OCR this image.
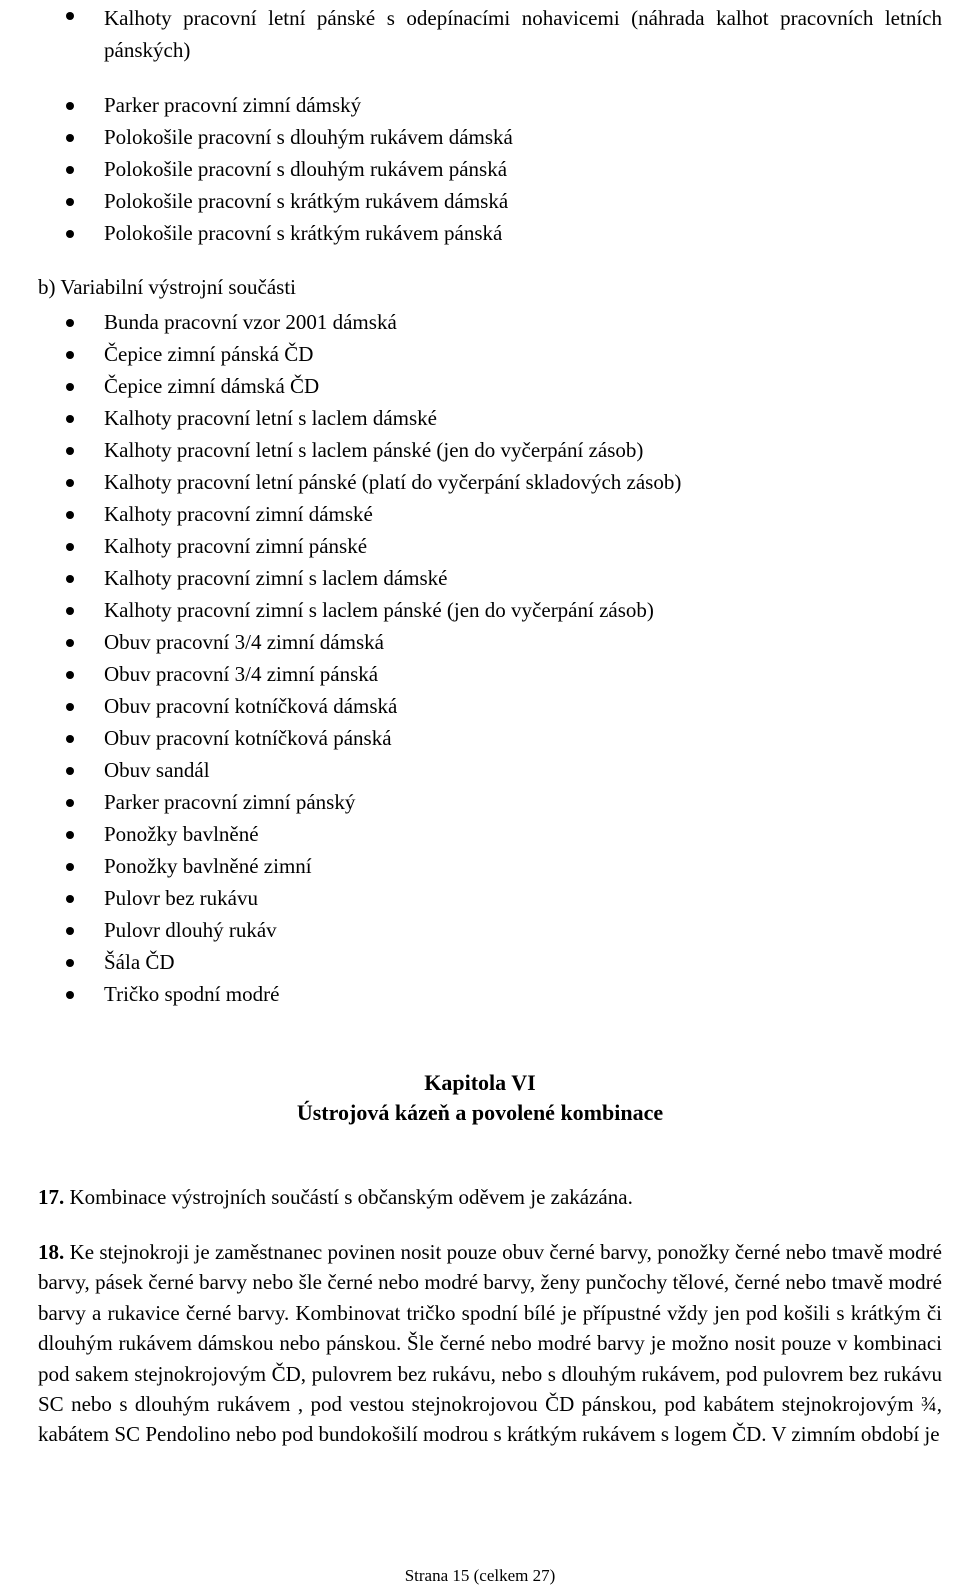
Kalhoty pracovní letní pánské s odepínacími nohavicemi (náhrada kalhot pracovních letních pánských)
Parker pracovní zimní dámský
Polokošile pracovní s dlouhým rukávem dámská
Polokošile pracovní s dlouhým rukávem pánská
Polokošile pracovní s krátkým rukávem dámská
Polokošile pracovní s krátkým rukávem pánská
b) Variabilní výstrojní součásti
Bunda pracovní vzor 2001 dámská
Čepice zimní pánská ČD
Čepice zimní dámská ČD
Kalhoty pracovní letní s laclem dámské
Kalhoty pracovní letní s laclem pánské (jen do vyčerpání zásob)
Kalhoty pracovní letní pánské (platí do vyčerpání skladových zásob)
Kalhoty pracovní zimní dámské
Kalhoty pracovní zimní pánské
Kalhoty pracovní zimní s laclem dámské
Kalhoty pracovní zimní s laclem pánské (jen do vyčerpání zásob)
Obuv pracovní 3/4 zimní dámská
Obuv pracovní 3/4 zimní pánská
Obuv pracovní kotníčková dámská
Obuv pracovní kotníčková pánská
Obuv sandál
Parker pracovní zimní pánský
Ponožky bavlněné
Ponožky bavlněné zimní
Pulovr bez rukávu
Pulovr dlouhý rukáv
Šála ČD
Tričko spodní modré
Kapitola VI
Ústrojová kázeň a povolené kombinace
17. Kombinace výstrojních součástí s občanským oděvem je zakázána.
18. Ke stejnokroji je zaměstnanec povinen nosit pouze obuv černé barvy, ponožky černé nebo tmavě modré barvy, pásek černé barvy nebo šle černé nebo modré barvy, ženy punčochy tělové, černé nebo tmavě modré barvy a rukavice černé barvy. Kombinovat tričko spodní bílé je přípustné vždy jen pod košili s krátkým či dlouhým rukávem dámskou nebo pánskou. Šle černé nebo modré barvy je možno nosit pouze v kombinaci pod sakem stejnokrojovým ČD, pulovrem bez rukávu, nebo s dlouhým rukávem, pod pulovrem bez rukávu SC nebo s dlouhým rukávem , pod vestou stejnokrojovou ČD pánskou, pod kabátem stejnokrojovým ¾, kabátem SC Pendolino nebo pod bundokošilí modrou s krátkým rukávem s logem ČD. V zimním období je
Strana 15 (celkem 27)
